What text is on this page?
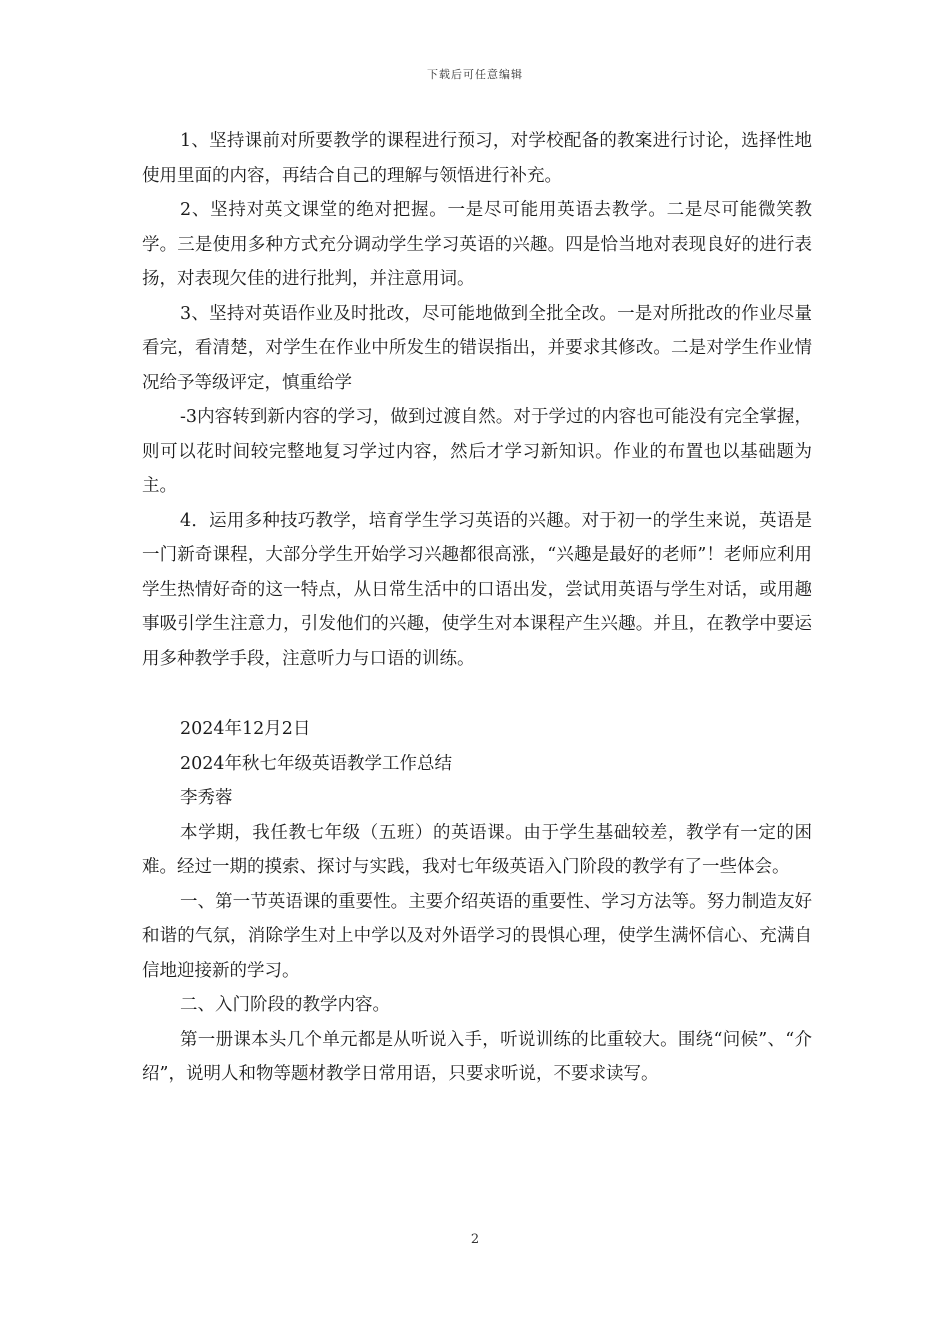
下载后可任意编辑

1、坚持课前对所要教学的课程进行预习，对学校配备的教案进行讨论，选择性地使用里面的内容，再结合自己的理解与领悟进行补充。

2、坚持对英文课堂的绝对把握。一是尽可能用英语去教学。二是尽可能微笑教学。三是使用多种方式充分调动学生学习英语的兴趣。四是恰当地对表现良好的进行表扬，对表现欠佳的进行批判，并注意用词。

3、坚持对英语作业及时批改，尽可能地做到全批全改。一是对所批改的作业尽量看完，看清楚，对学生在作业中所发生的错误指出，并要求其修改。二是对学生作业情况给予等级评定，慎重给学

-3内容转到新内容的学习，做到过渡自然。对于学过的内容也可能没有完全掌握，则可以花时间较完整地复习学过内容，然后才学习新知识。作业的布置也以基础题为主。

4．运用多种技巧教学，培育学生学习英语的兴趣。对于初一的学生来说，英语是一门新奇课程，大部分学生开始学习兴趣都很高涨，“兴趣是最好的老师”！老师应利用学生热情好奇的这一特点，从日常生活中的口语出发，尝试用英语与学生对话，或用趣事吸引学生注意力，引发他们的兴趣，使学生对本课程产生兴趣。并且，在教学中要运用多种教学手段，注意听力与口语的训练。

2024年12月2日

2024年秋七年级英语教学工作总结

李秀蓉

本学期，我任教七年级（五班）的英语课。由于学生基础较差，教学有一定的困难。经过一期的摸索、探讨与实践，我对七年级英语入门阶段的教学有了一些体会。

一、第一节英语课的重要性。主要介绍英语的重要性、学习方法等。努力制造友好和谐的气氛，消除学生对上中学以及对外语学习的畏惧心理，使学生满怀信心、充满自信地迎接新的学习。

二、入门阶段的教学内容。

第一册课本头几个单元都是从听说入手，听说训练的比重较大。围绕“问候”、“介绍”，说明人和物等题材教学日常用语，只要求听说，不要求读写。

2
